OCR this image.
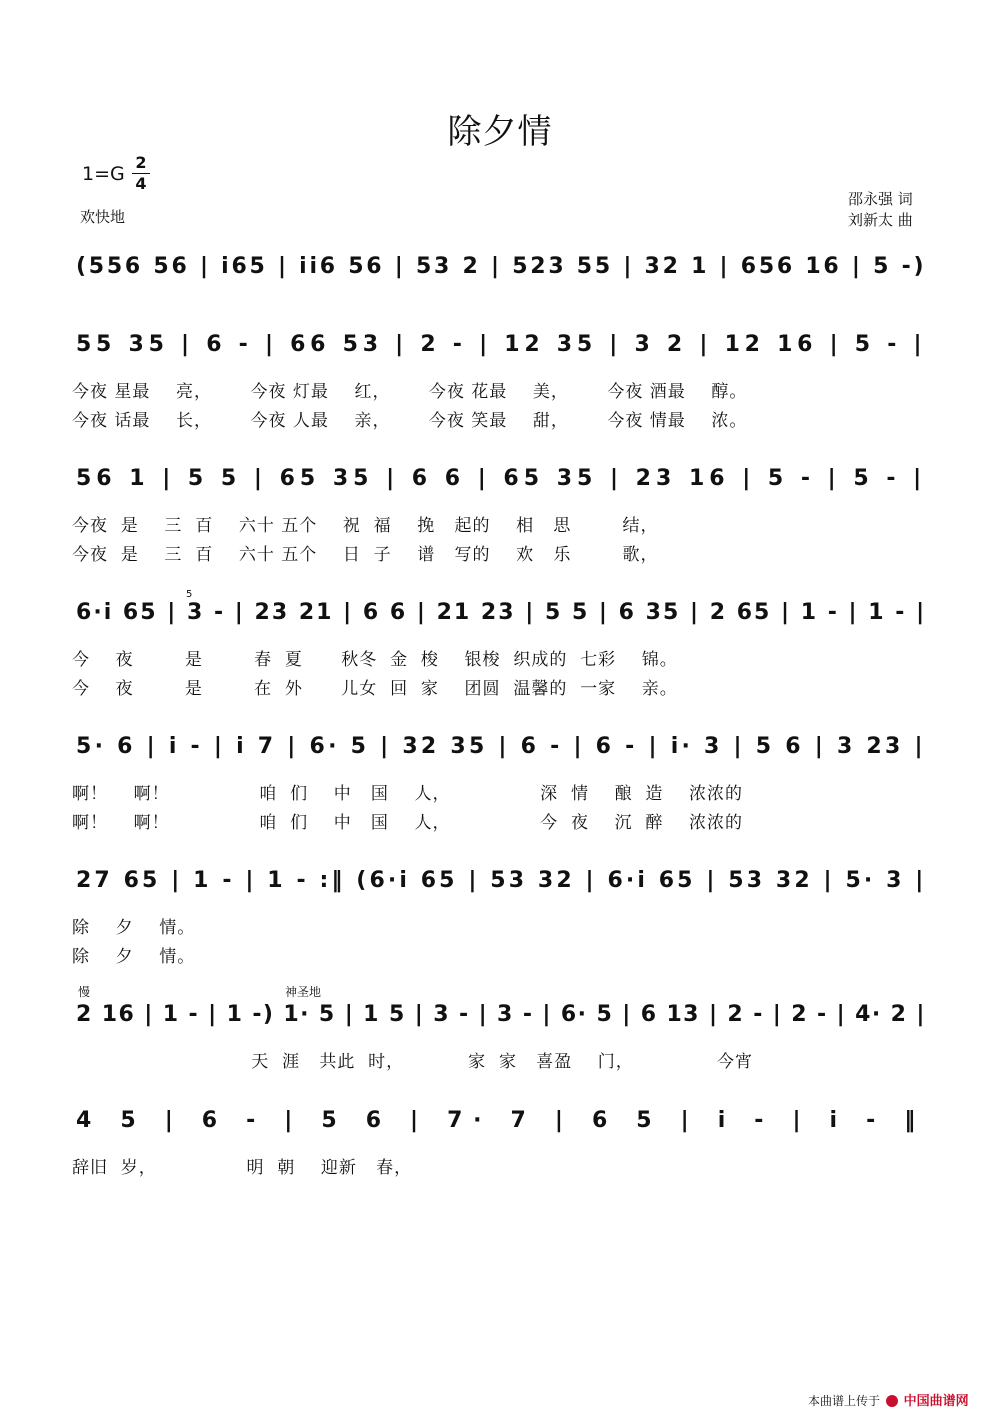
除夕情
1=G
2
4
欢快地
邵永强 词
刘新太 曲
(556 56 | i65 | ii6 56 | 53 2 | 523 55 | 32 1 | 656 16 | 5 -)
55 35 | 6 - | 66 53 | 2 - | 12 35 | 3 2 | 12 16 | 5 - |
今夜 星最    亮，      今夜 灯最    红，      今夜 花最    美，      今夜 酒最    醇。
今夜 话最    长，      今夜 人最    亲，      今夜 笑最    甜，      今夜 情最    浓。
56 1 | 5 5 | 65 35 | 6 6 | 65 35 | 23 16 | 5 - | 5 - |
今夜  是    三  百    六十 五个    祝  福    挽   起的    相   思        结，
今夜  是    三  百    六十 五个    日  子    谱   写的    欢   乐        歌，
6·i 65 | 3 - | 23 21 | 6 6 | 21 23 | 5 5 | 6 35 | 2 65 | 1 - | 1 - |
今    夜        是        春  夏      秋冬  金  梭    银梭  织成的  七彩    锦。
今    夜        是        在  外      儿女  回  家    团圆  温馨的  一家    亲。
5· 6 | i - | i 7 | 6· 5 | 32 35 | 6 - | 6 - | i· 3 | 5 6 | 3 23 |
啊！    啊！              咱  们    中   国    人，              深  情    酿  造    浓浓的
啊！    啊！              咱  们    中   国    人，              今  夜    沉  醉    浓浓的
27 65 | 1 - | 1 - :‖ (6·i 65 | 53 32 | 6·i 65 | 53 32 | 5· 3 |
除    夕    情。
除    夕    情。
2 16 | 1 - | 1 -) 1· 5 | 1 5 | 3 - | 3 - | 6· 5 | 6 13 | 2 - | 2 - | 4· 2 |
天  涯   共此  时，          家  家   喜盈    门，             今宵
4 5 | 6 - | 5 6 | 7· 7 | 6 5 | i - | i - ‖
辞旧  岁，              明  朝    迎新   春，
慢	神圣地
5
本曲谱上传于 中国曲谱网
